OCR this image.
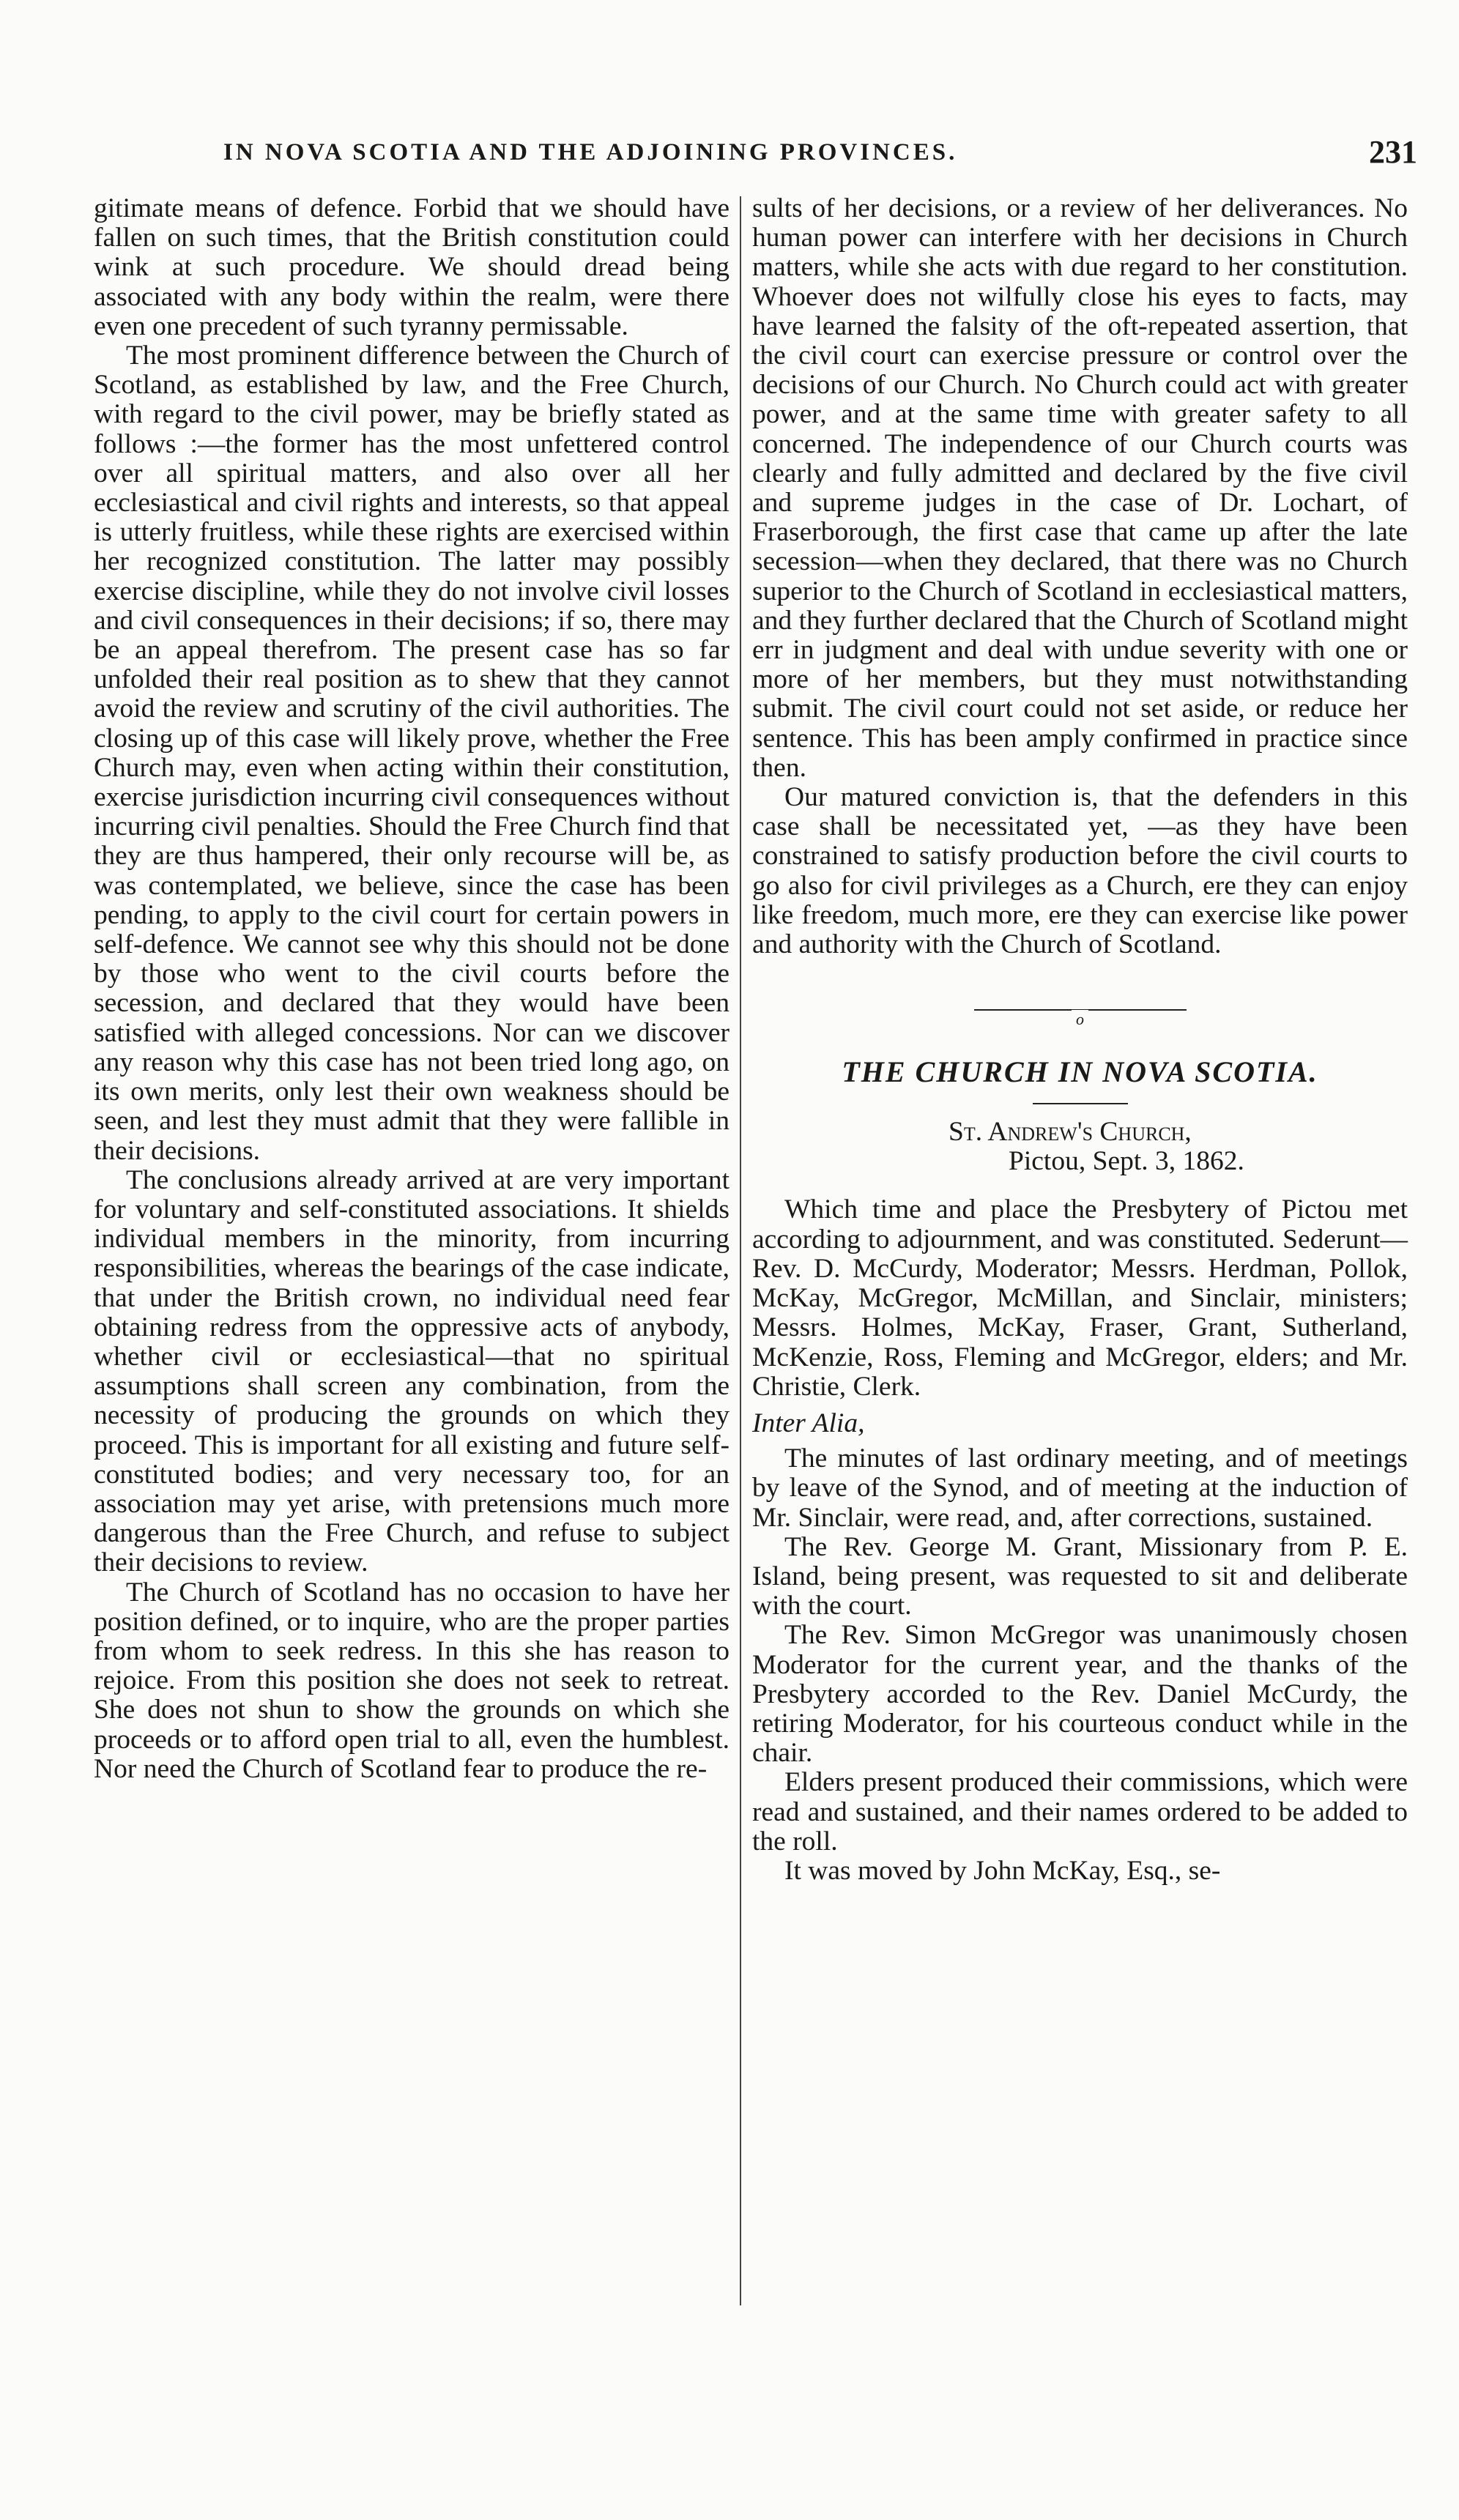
IN NOVA SCOTIA AND THE ADJOINING PROVINCES.	231

gitimate means of defence. Forbid that we should have fallen on such times, that the British constitution could wink at such procedure. We should dread being associated with any body within the realm, were there even one precedent of such tyranny permissable.

The most prominent difference between the Church of Scotland, as established by law, and the Free Church, with regard to the civil power, may be briefly stated as follows :—the former has the most unfettered control over all spiritual matters, and also over all her ecclesiastical and civil rights and interests, so that appeal is utterly fruitless, while these rights are exercised within her recognized constitution. The latter may possibly exercise discipline, while they do not involve civil losses and civil consequences in their decisions; if so, there may be an appeal therefrom. The present case has so far unfolded their real position as to shew that they cannot avoid the review and scrutiny of the civil authorities. The closing up of this case will likely prove, whether the Free Church may, even when acting within their constitution, exercise jurisdiction incurring civil consequences without incurring civil penalties. Should the Free Church find that they are thus hampered, their only recourse will be, as was contemplated, we believe, since the case has been pending, to apply to the civil court for certain powers in self-defence. We cannot see why this should not be done by those who went to the civil courts before the secession, and declared that they would have been satisfied with alleged concessions. Nor can we discover any reason why this case has not been tried long ago, on its own merits, only lest their own weakness should be seen, and lest they must admit that they were fallible in their decisions.

The conclusions already arrived at are very important for voluntary and self-constituted associations. It shields individual members in the minority, from incurring responsibilities, whereas the bearings of the case indicate, that under the British crown, no individual need fear obtaining redress from the oppressive acts of anybody, whether civil or ecclesiastical—that no spiritual assumptions shall screen any combination, from the necessity of producing the grounds on which they proceed. This is important for all existing and future self-constituted bodies; and very necessary too, for an association may yet arise, with pretensions much more dangerous than the Free Church, and refuse to subject their decisions to review.

The Church of Scotland has no occasion to have her position defined, or to inquire, who are the proper parties from whom to seek redress. In this she has reason to rejoice. From this position she does not seek to retreat. She does not shun to show the grounds on which she proceeds or to afford open trial to all, even the humblest. Nor need the Church of Scotland fear to produce the re-

sults of her decisions, or a review of her deliverances. No human power can interfere with her decisions in Church matters, while she acts with due regard to her constitution. Whoever does not wilfully close his eyes to facts, may have learned the falsity of the oft-repeated assertion, that the civil court can exercise pressure or control over the decisions of our Church. No Church could act with greater power, and at the same time with greater safety to all concerned. The independence of our Church courts was clearly and fully admitted and declared by the five civil and supreme judges in the case of Dr. Lochart, of Fraserborough, the first case that came up after the late secession—when they declared, that there was no Church superior to the Church of Scotland in ecclesiastical matters, and they further declared that the Church of Scotland might err in judgment and deal with undue severity with one or more of her members, but they must notwithstanding submit. The civil court could not set aside, or reduce her sentence. This has been amply confirmed in practice since then.

Our matured conviction is, that the defenders in this case shall be necessitated yet, —as they have been constrained to satisfy production before the civil courts to go also for civil privileges as a Church, ere they can enjoy like freedom, much more, ere they can exercise like power and authority with the Church of Scotland.

o
THE CHURCH IN NOVA SCOTIA.
St. Andrew's Church,
Pictou, Sept. 3, 1862.

Which time and place the Presbytery of Pictou met according to adjournment, and was constituted. Sederunt—Rev. D. McCurdy, Moderator; Messrs. Herdman, Pollok, McKay, McGregor, McMillan, and Sinclair, ministers; Messrs. Holmes, McKay, Fraser, Grant, Sutherland, McKenzie, Ross, Fleming and McGregor, elders; and Mr. Christie, Clerk.

Inter Alia,

The minutes of last ordinary meeting, and of meetings by leave of the Synod, and of meeting at the induction of Mr. Sinclair, were read, and, after corrections, sustained.

The Rev. George M. Grant, Missionary from P. E. Island, being present, was requested to sit and deliberate with the court.

The Rev. Simon McGregor was unanimously chosen Moderator for the current year, and the thanks of the Presbytery accorded to the Rev. Daniel McCurdy, the retiring Moderator, for his courteous conduct while in the chair.

Elders present produced their commissions, which were read and sustained, and their names ordered to be added to the roll.

It was moved by John McKay, Esq., se-
